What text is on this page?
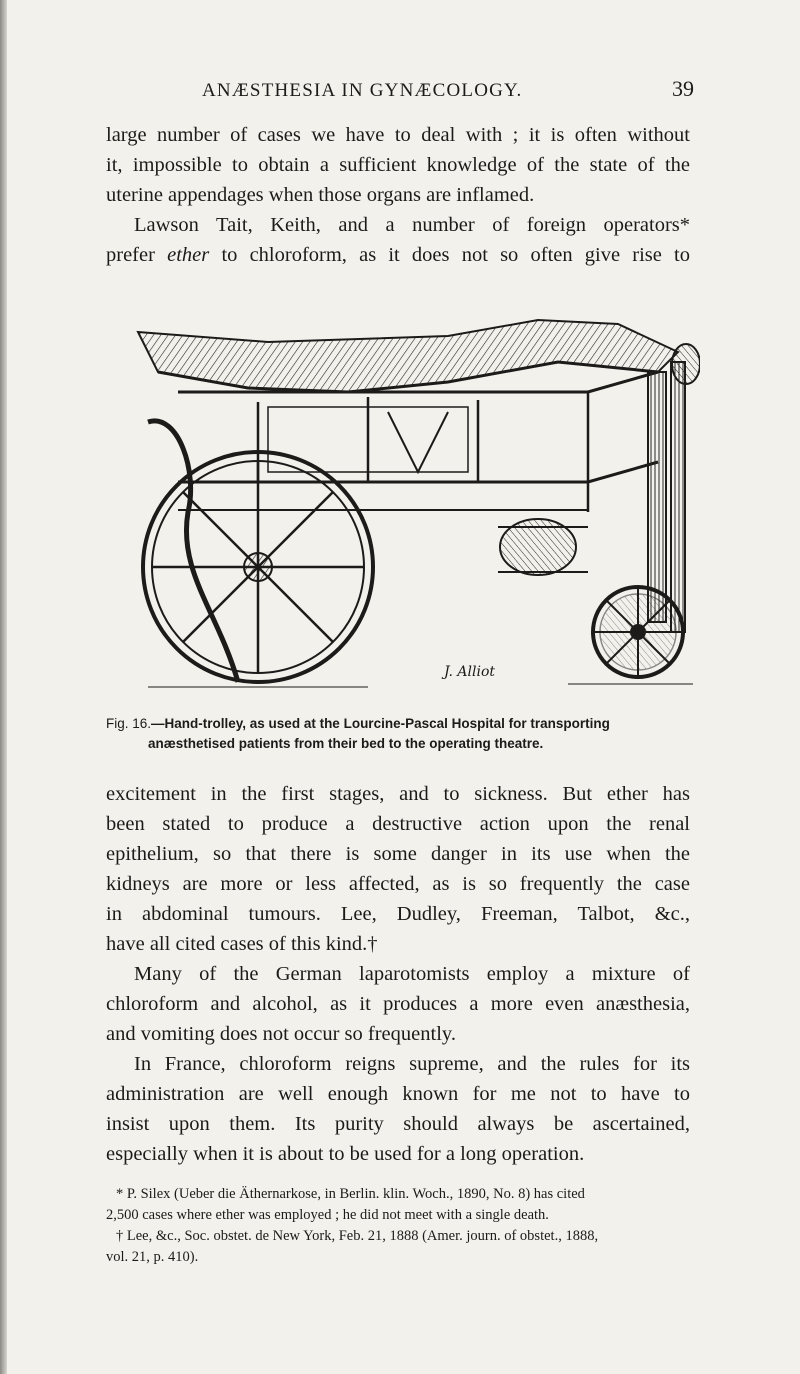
ANÆSTHESIA IN GYNÆCOLOGY.	39
large number of cases we have to deal with ; it is often without
it, impossible to obtain a sufficient knowledge of the state of the
uterine appendages when those organs are inflamed.
Lawson Tait, Keith, and a number of foreign operators*
prefer ether to chloroform, as it does not so often give rise to
J. Alliot
Fig. 16.—Hand-trolley, as used at the Lourcine-Pascal Hospital for transporting
anæsthetised patients from their bed to the operating theatre.
excitement in the first stages, and to sickness. But ether has
been stated to produce a destructive action upon the renal
epithelium, so that there is some danger in its use when the
kidneys are more or less affected, as is so frequently the case
in abdominal tumours. Lee, Dudley, Freeman, Talbot, &c.,
have all cited cases of this kind.†
Many of the German laparotomists employ a mixture of
chloroform and alcohol, as it produces a more even anæsthesia,
and vomiting does not occur so frequently.
In France, chloroform reigns supreme, and the rules for its
administration are well enough known for me not to have to
insist upon them. Its purity should always be ascertained,
especially when it is about to be used for a long operation.
* P. Silex (Ueber die Äthernarkose, in Berlin. klin. Woch., 1890, No. 8) has cited
2,500 cases where ether was employed ; he did not meet with a single death.
† Lee, &c., Soc. obstet. de New York, Feb. 21, 1888 (Amer. journ. of obstet., 1888,
vol. 21, p. 410).
